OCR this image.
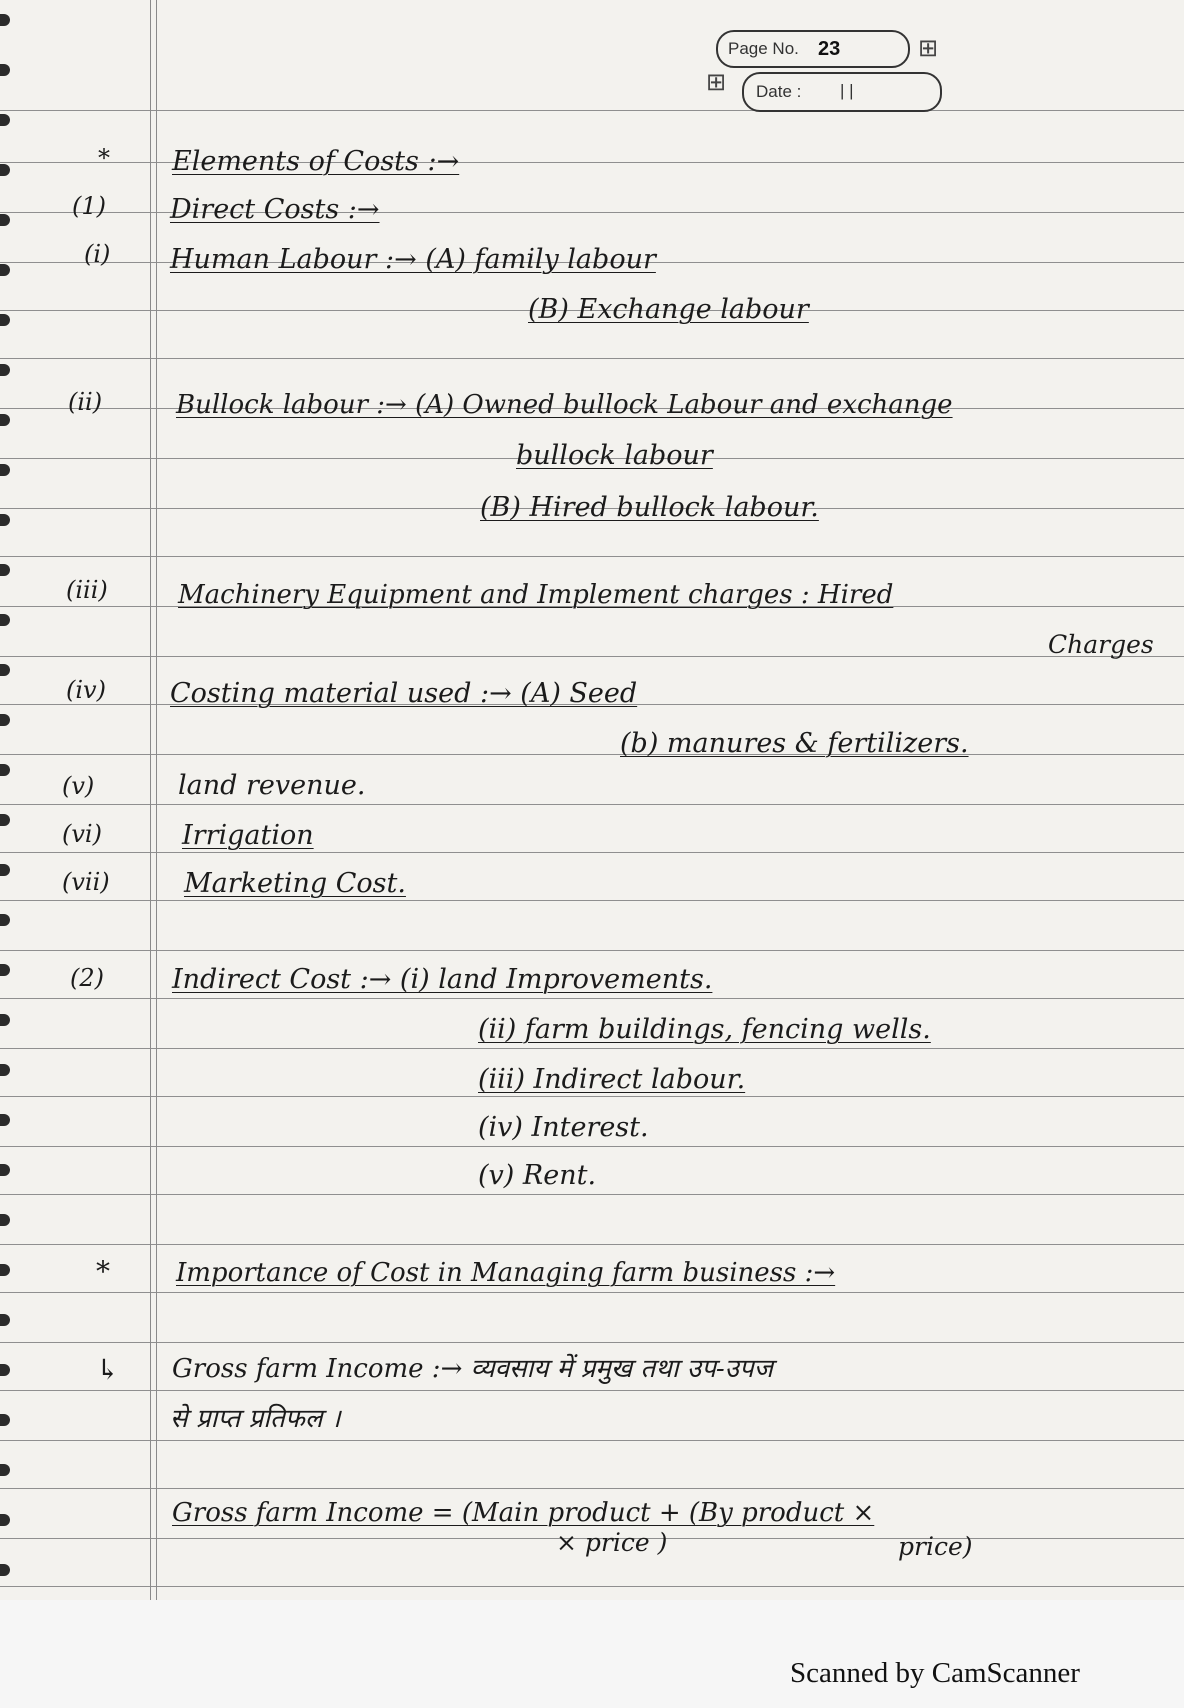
Page No. 23	⊞
Date : | |
⊞
* Elements of Costs :→
(1) Direct Costs :→
(i) Human Labour :→ (A) family labour
(B) Exchange labour
(ii)	Bullock labour :→ (A) Owned bullock Labour and exchange
bullock labour
(B) Hired bullock labour.
(iii)	Machinery Equipment and Implement charges : Hired
Charges
(iv) Costing material used :→ (A) Seed
(b) manures & fertilizers.
(v)	land revenue.
(vi)	Irrigation
(vii)	Marketing Cost.
(2)	Indirect Cost :→ (i) land Improvements.
(ii) farm buildings, fencing wells.
(iii) Indirect labour.
(iv) Interest.
(v) Rent.
*	Importance of Cost in Managing farm business :→
↳ Gross farm Income :→ व्यवसाय में प्रमुख तथा उप-उपज
से प्राप्त प्रतिफल ।
Gross farm Income = (Main product + (By product ×
× price )	price)
Scanned by CamScanner
